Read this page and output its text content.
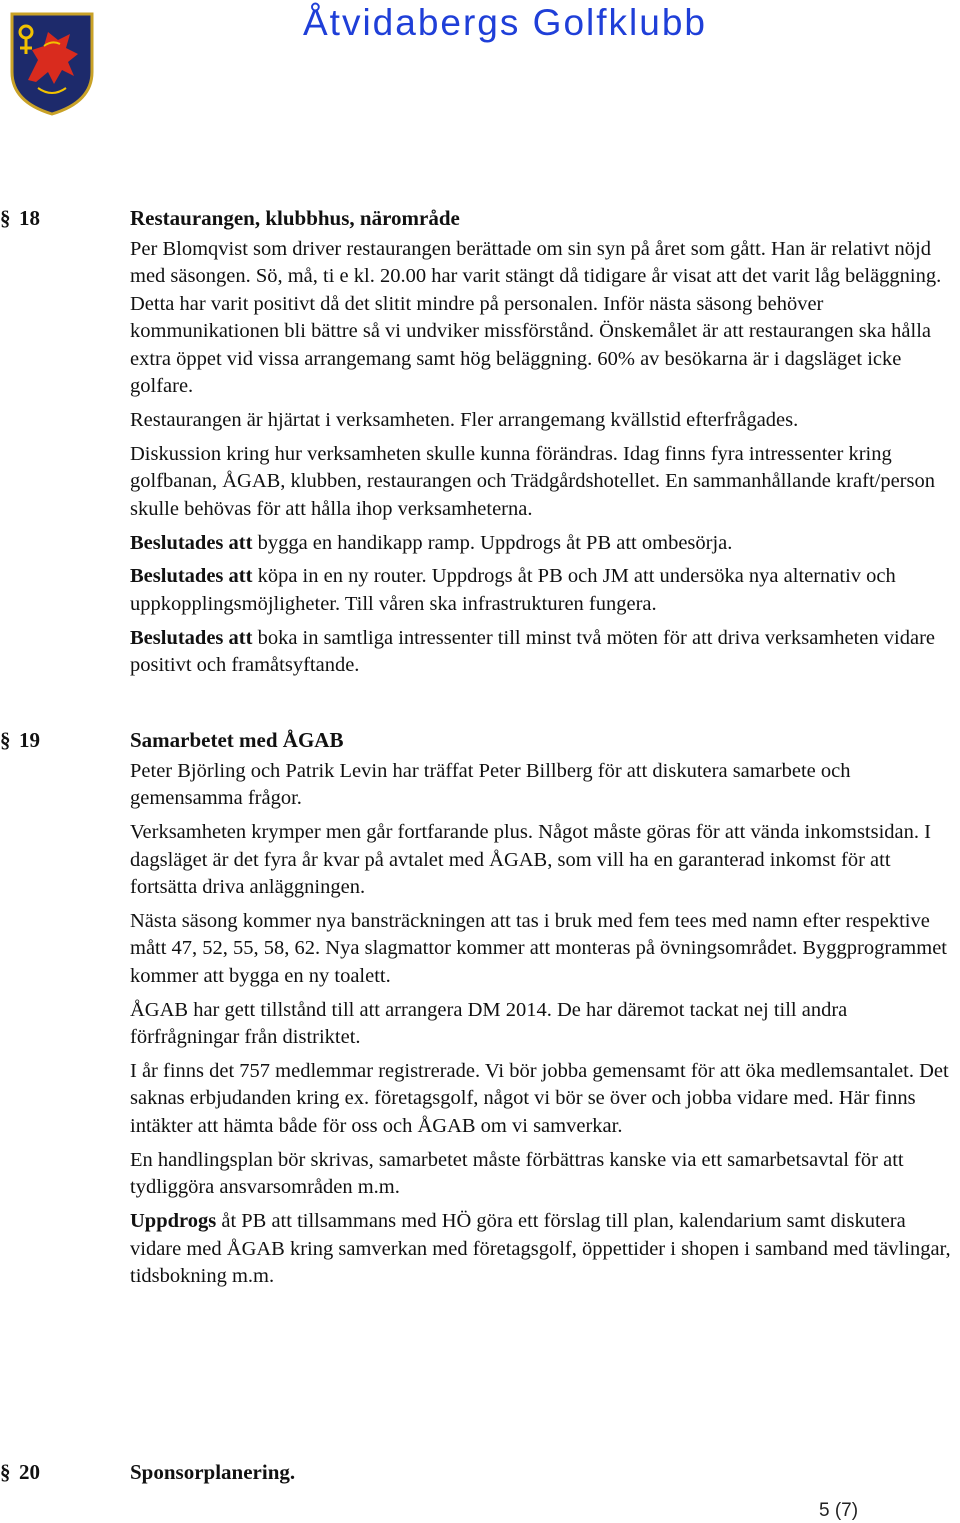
Åtvidabergs Golfklubb
§ 18	Restaurangen, klubbhus, närområde

Per Blomqvist som driver restaurangen berättade om sin syn på året som gått. Han är relativt nöjd med säsongen. Sö, må, ti e kl. 20.00 har varit stängt då tidigare år visat att det varit låg beläggning. Detta har varit positivt då det slitit mindre på personalen. Inför nästa säsong behöver kommunikationen bli bättre så vi undviker missförstånd. Önskemålet är att restaurangen ska hålla extra öppet vid vissa arrangemang samt hög beläggning. 60% av besökarna är i dagsläget icke golfare.

Restaurangen är hjärtat i verksamheten. Fler arrangemang kvällstid efterfrågades.

Diskussion kring hur verksamheten skulle kunna förändras. Idag finns fyra intressenter kring golfbanan, ÅGAB, klubben, restaurangen och Trädgårdshotellet. En sammanhållande kraft/person skulle behövas för att hålla ihop verksamheterna.

Beslutades att bygga en handikapp ramp. Uppdrogs åt PB att ombesörja.

Beslutades att köpa in en ny router. Uppdrogs åt PB och JM att undersöka nya alternativ och uppkopplingsmöjligheter. Till våren ska infrastrukturen fungera.

Beslutades att boka in samtliga intressenter till minst två möten för att driva verksamheten vidare positivt och framåtsyftande.

§ 19	Samarbetet med ÅGAB

Peter Björling och Patrik Levin har träffat Peter Billberg för att diskutera samarbete och gemensamma frågor.

Verksamheten krymper men går fortfarande plus. Något måste göras för att vända inkomstsidan. I dagsläget är det fyra år kvar på avtalet med ÅGAB, som vill ha en garanterad inkomst för att fortsätta driva anläggningen.

Nästa säsong kommer nya bansträckningen att tas i bruk med fem tees med namn efter respektive mått 47, 52, 55, 58, 62. Nya slagmattor kommer att monteras på övningsområdet. Byggprogrammet kommer att bygga en ny toalett.

ÅGAB har gett tillstånd till att arrangera DM 2014. De har däremot tackat nej till andra förfrågningar från distriktet.

I år finns det 757 medlemmar registrerade. Vi bör jobba gemensamt för att öka medlemsantalet. Det saknas erbjudanden kring ex. företagsgolf, något vi bör se över och jobba vidare med. Här finns intäkter att hämta både för oss och ÅGAB om vi samverkar.

En handlingsplan bör skrivas, samarbetet måste förbättras kanske via ett samarbetsavtal för att tydliggöra ansvarsområden m.m.

Uppdrogs åt PB att tillsammans med HÖ göra ett förslag till plan, kalendarium samt diskutera vidare med ÅGAB kring samverkan med företagsgolf, öppettider i shopen i samband med tävlingar, tidsbokning m.m.

§ 20	Sponsorplanering.
5 (7)
